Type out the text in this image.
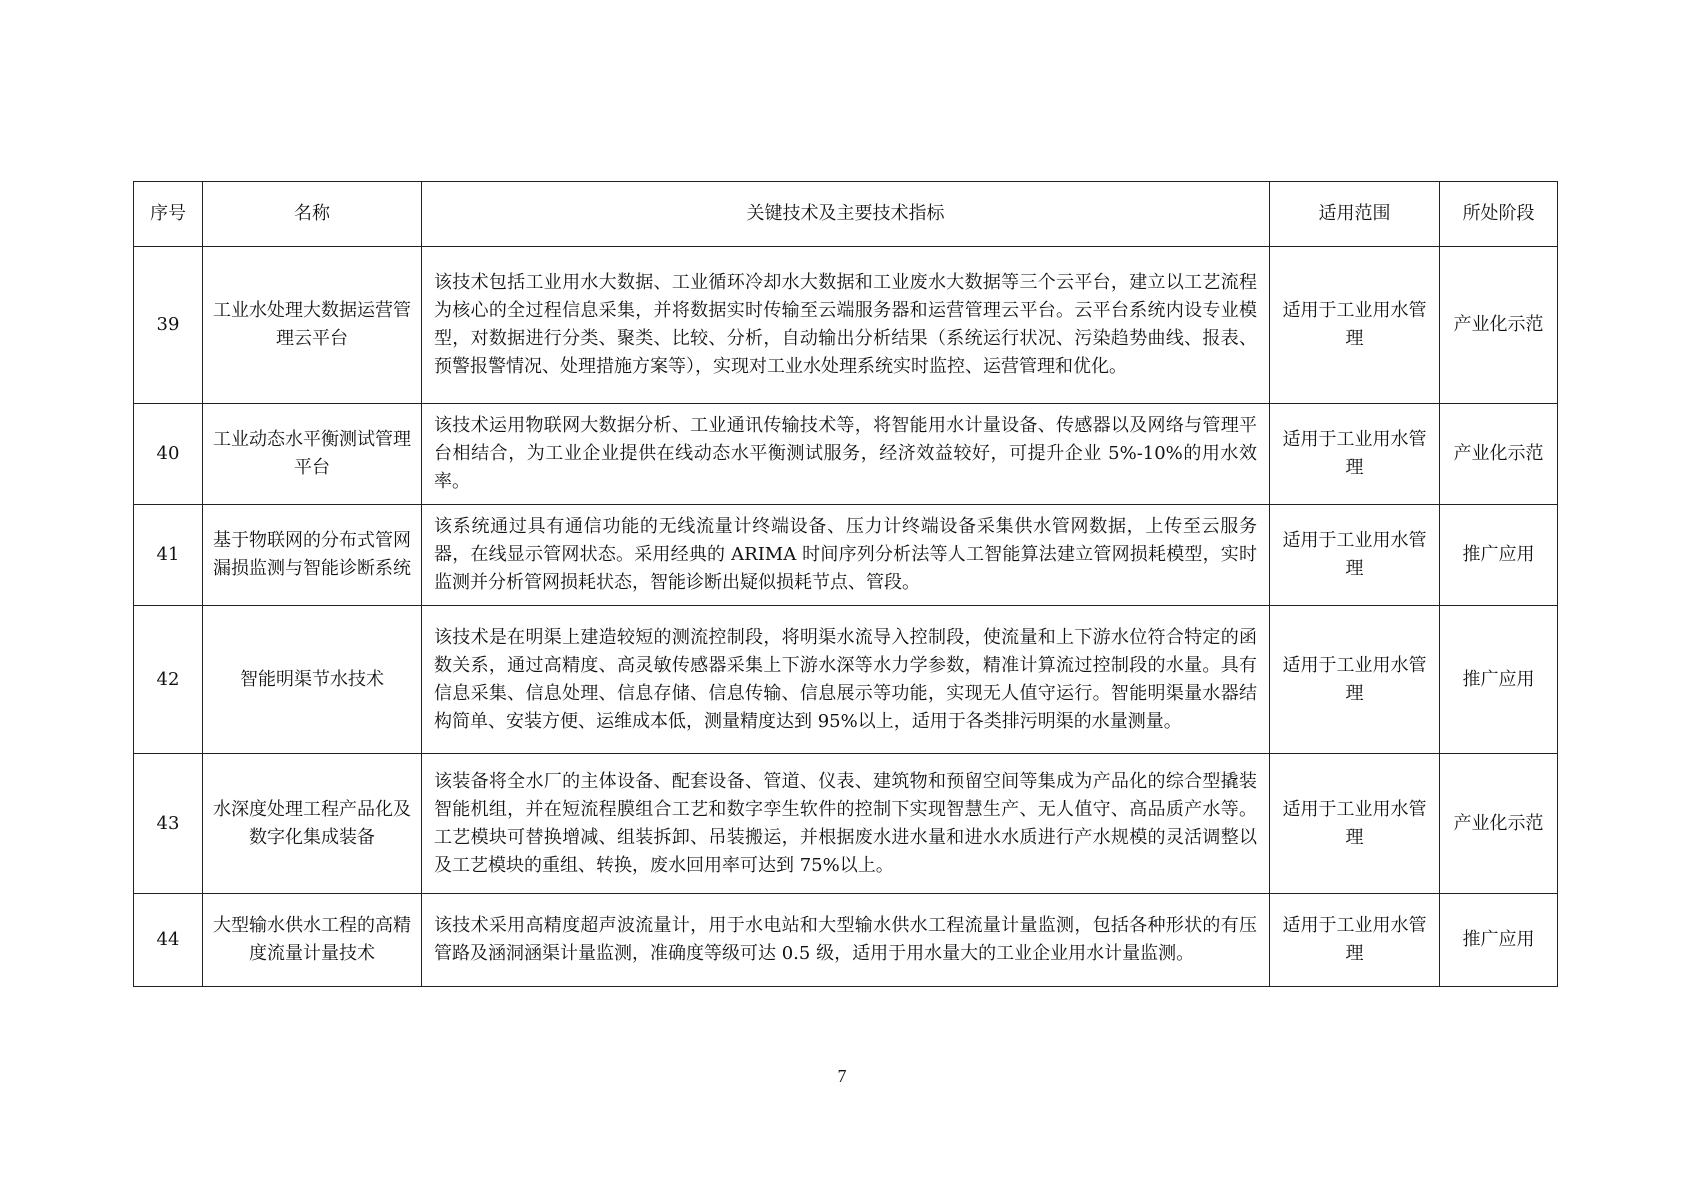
序号	名称	关键技术及主要技术指标	适用范围	所处阶段
39	工业水处理大数据运营管理云平台	该技术包括工业用水大数据、工业循环冷却水大数据和工业废水大数据等三个云平台，建立以工艺流程为核心的全过程信息采集，并将数据实时传输至云端服务器和运营管理云平台。云平台系统内设专业模型，对数据进行分类、聚类、比较、分析，自动输出分析结果（系统运行状况、污染趋势曲线、报表、预警报警情况、处理措施方案等），实现对工业水处理系统实时监控、运营管理和优化。	适用于工业用水管理	产业化示范
40	工业动态水平衡测试管理平台	该技术运用物联网大数据分析、工业通讯传输技术等，将智能用水计量设备、传感器以及网络与管理平台相结合，为工业企业提供在线动态水平衡测试服务，经济效益较好，可提升企业 5%-10%的用水效率。	适用于工业用水管理	产业化示范
41	基于物联网的分布式管网漏损监测与智能诊断系统	该系统通过具有通信功能的无线流量计终端设备、压力计终端设备采集供水管网数据，上传至云服务器，在线显示管网状态。采用经典的 ARIMA 时间序列分析法等人工智能算法建立管网损耗模型，实时监测并分析管网损耗状态，智能诊断出疑似损耗节点、管段。	适用于工业用水管理	推广应用
42	智能明渠节水技术	该技术是在明渠上建造较短的测流控制段，将明渠水流导入控制段，使流量和上下游水位符合特定的函数关系，通过高精度、高灵敏传感器采集上下游水深等水力学参数，精准计算流过控制段的水量。具有信息采集、信息处理、信息存储、信息传输、信息展示等功能，实现无人值守运行。智能明渠量水器结构简单、安装方便、运维成本低，测量精度达到 95%以上，适用于各类排污明渠的水量测量。	适用于工业用水管理	推广应用
43	水深度处理工程产品化及数字化集成装备	该装备将全水厂的主体设备、配套设备、管道、仪表、建筑物和预留空间等集成为产品化的综合型撬装智能机组，并在短流程膜组合工艺和数字孪生软件的控制下实现智慧生产、无人值守、高品质产水等。工艺模块可替换增减、组装拆卸、吊装搬运，并根据废水进水量和进水水质进行产水规模的灵活调整以及工艺模块的重组、转换，废水回用率可达到 75%以上。	适用于工业用水管理	产业化示范
44	大型输水供水工程的高精度流量计量技术	该技术采用高精度超声波流量计，用于水电站和大型输水供水工程流量计量监测，包括各种形状的有压管路及涵洞涵渠计量监测，准确度等级可达 0.5 级，适用于用水量大的工业企业用水计量监测。	适用于工业用水管理	推广应用
7
